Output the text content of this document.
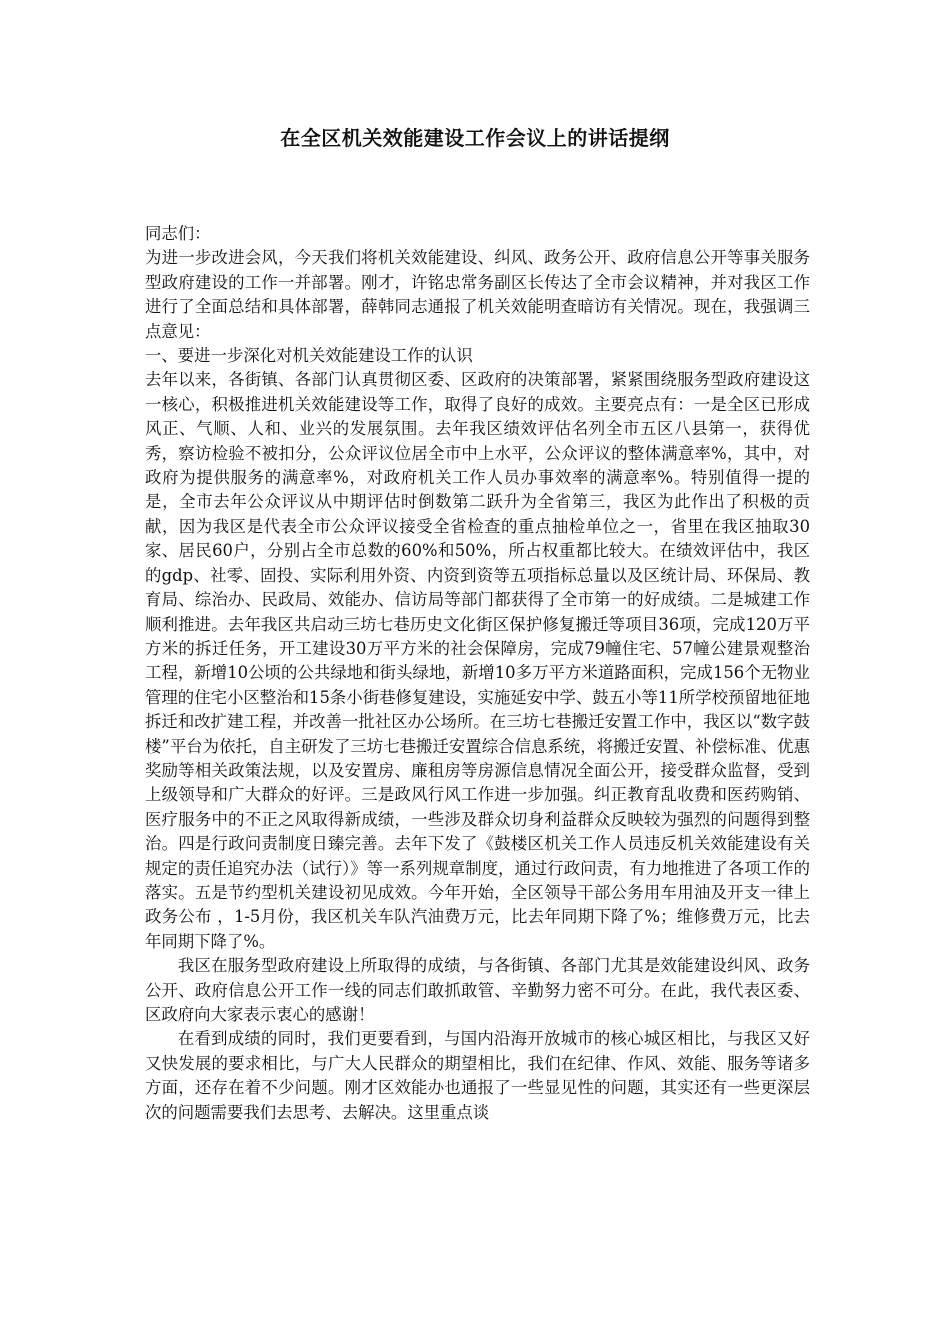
在全区机关效能建设工作会议上的讲话提纲

同志们：

为进一步改进会风，今天我们将机关效能建设、纠风、政务公开、政府信息公开等事关服务型政府建设的工作一并部署。刚才，许铭忠常务副区长传达了全市会议精神，并对我区工作进行了全面总结和具体部署，薛韩同志通报了机关效能明查暗访有关情况。现在，我强调三点意见：

一、要进一步深化对机关效能建设工作的认识

去年以来，各街镇、各部门认真贯彻区委、区政府的决策部署，紧紧围绕服务型政府建设这一核心，积极推进机关效能建设等工作，取得了良好的成效。主要亮点有：一是全区已形成风正、气顺、人和、业兴的发展氛围。去年我区绩效评估名列全市五区八县第一，获得优秀，察访检验不被扣分，公众评议位居全市中上水平，公众评议的整体满意率%，其中，对政府为提供服务的满意率%，对政府机关工作人员办事效率的满意率%。特别值得一提的是，全市去年公众评议从中期评估时倒数第二跃升为全省第三，我区为此作出了积极的贡献，因为我区是代表全市公众评议接受全省检查的重点抽检单位之一，省里在我区抽取30家、居民60户，分别占全市总数的60%和50%，所占权重都比较大。在绩效评估中，我区的gdp、社零、固投、实际利用外资、内资到资等五项指标总量以及区统计局、环保局、教育局、综治办、民政局、效能办、信访局等部门都获得了全市第一的好成绩。二是城建工作顺利推进。去年我区共启动三坊七巷历史文化街区保护修复搬迁等项目36项，完成120万平方米的拆迁任务，开工建设30万平方米的社会保障房，完成79幢住宅、57幢公建景观整治工程，新增10公顷的公共绿地和街头绿地，新增10多万平方米道路面积，完成156个无物业管理的住宅小区整治和15条小街巷修复建设，实施延安中学、鼓五小等11所学校预留地征地拆迁和改扩建工程，并改善一批社区办公场所。在三坊七巷搬迁安置工作中，我区以“数字鼓楼”平台为依托，自主研发了三坊七巷搬迁安置综合信息系统，将搬迁安置、补偿标准、优惠奖励等相关政策法规，以及安置房、廉租房等房源信息情况全面公开，接受群众监督，受到上级领导和广大群众的好评。三是政风行风工作进一步加强。纠正教育乱收费和医药购销、医疗服务中的不正之风取得新成绩，一些涉及群众切身利益群众反映较为强烈的问题得到整治。四是行政问责制度日臻完善。去年下发了《鼓楼区机关工作人员违反机关效能建设有关规定的责任追究办法（试行）》等一系列规章制度，通过行政问责，有力地推进了各项工作的落实。五是节约型机关建设初见成效。今年开始，全区领导干部公务用车用油及开支一律上政务公布 ，1-5月份，我区机关车队汽油费万元，比去年同期下降了%；维修费万元，比去年同期下降了%。

我区在服务型政府建设上所取得的成绩，与各街镇、各部门尤其是效能建设纠风、政务公开、政府信息公开工作一线的同志们敢抓敢管、辛勤努力密不可分。在此，我代表区委、区政府向大家表示衷心的感谢！

在看到成绩的同时，我们更要看到，与国内沿海开放城市的核心城区相比，与我区又好又快发展的要求相比，与广大人民群众的期望相比，我们在纪律、作风、效能、服务等诸多方面，还存在着不少问题。刚才区效能办也通报了一些显见性的问题，其实还有一些更深层次的问题需要我们去思考、去解决。这里重点谈
